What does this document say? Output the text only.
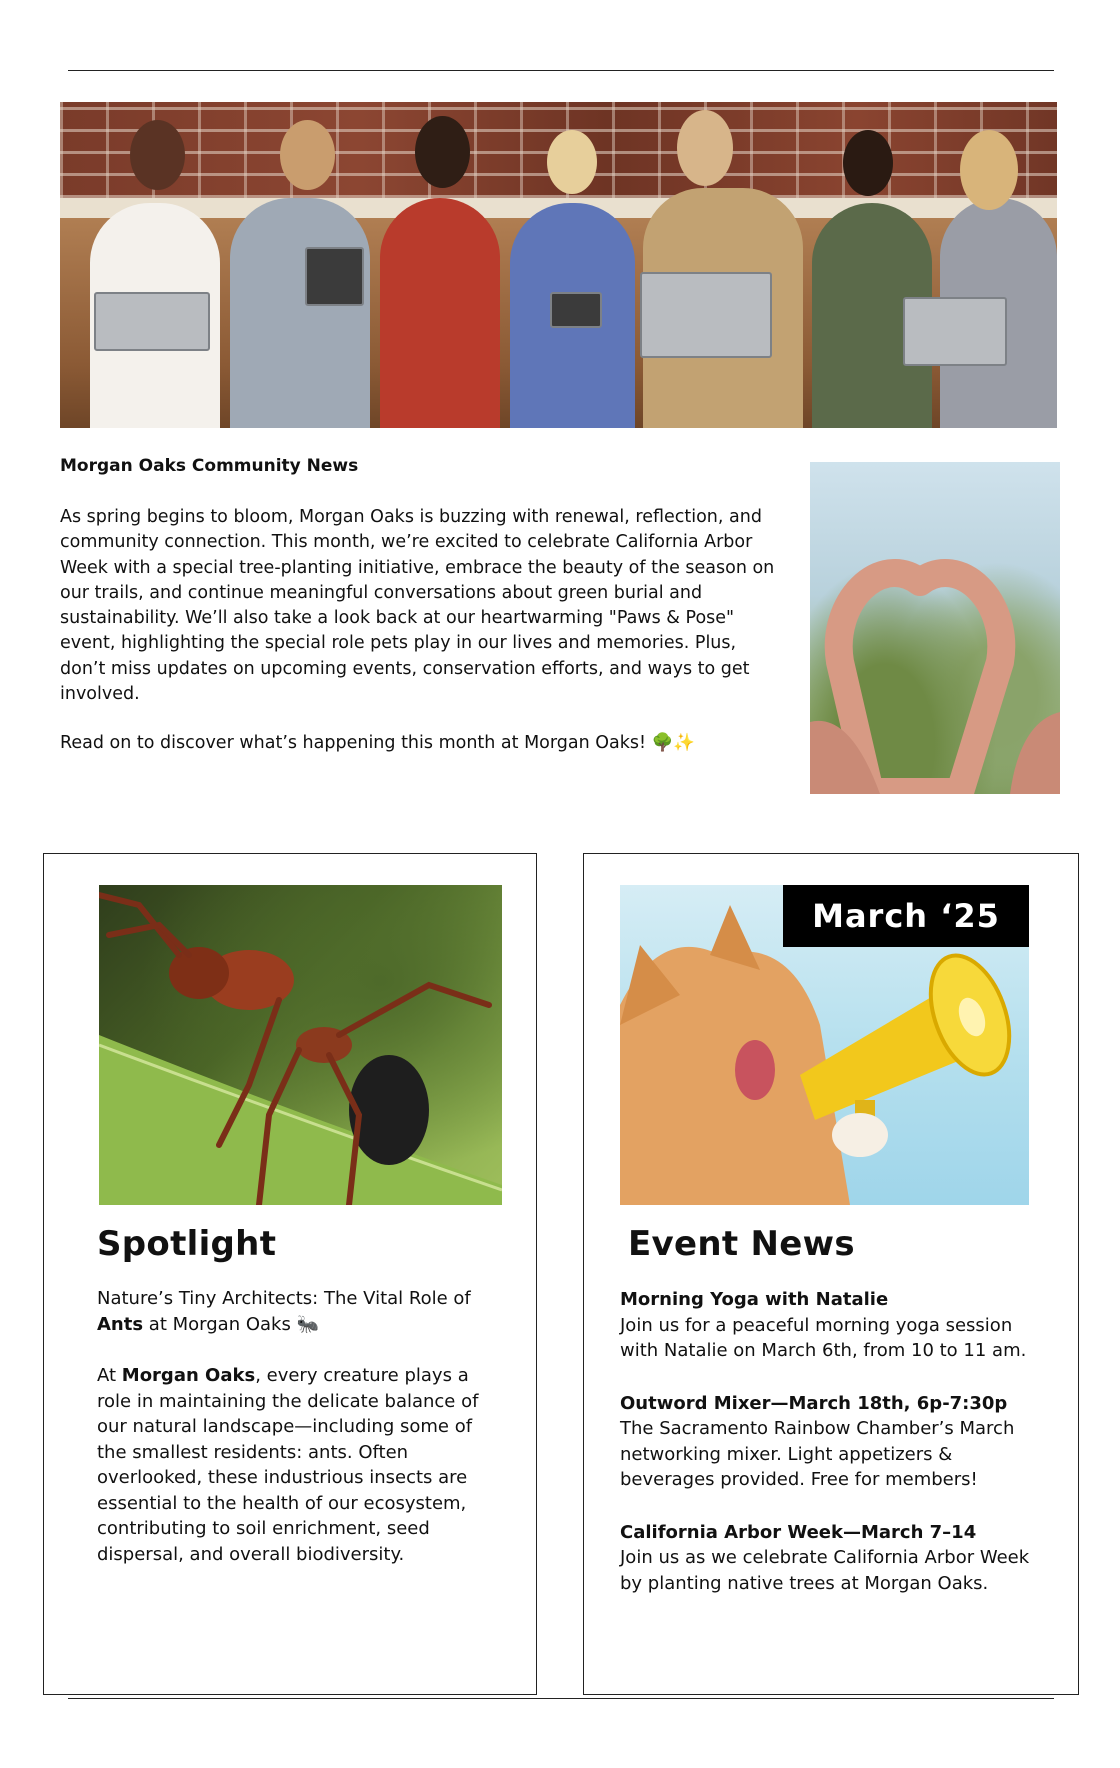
Morgan Oaks Community News
As spring begins to bloom, Morgan Oaks is buzzing with renewal, reflection, and community connection. This month, we’re excited to celebrate California Arbor Week with a special tree-planting initiative, embrace the beauty of the season on our trails, and continue meaningful conversations about green burial and sustainability. We’ll also take a look back at our heartwarming "Paws & Pose" event, highlighting the special role pets play in our lives and memories. Plus, don’t miss updates on upcoming events, conservation efforts, and ways to get involved.
Read on to discover what’s happening this month at Morgan Oaks! 🌳✨
Spotlight
Nature’s Tiny Architects: The Vital Role of Ants at Morgan Oaks 🐜
At Morgan Oaks, every creature plays a role in maintaining the delicate balance of our natural landscape—including some of the smallest residents: ants. Often overlooked, these industrious insects are essential to the health of our ecosystem, contributing to soil enrichment, seed dispersal, and overall biodiversity.
March ‘25
Event News
Morning Yoga with Natalie
Join us for a peaceful morning yoga session with Natalie on March 6th, from 10 to 11 am.
Outword Mixer—March 18th, 6p-7:30p
The Sacramento Rainbow Chamber’s March networking mixer. Light appetizers & beverages provided. Free for members!
California Arbor Week—March 7–14
Join us as we celebrate California Arbor Week by planting native trees at Morgan Oaks.
